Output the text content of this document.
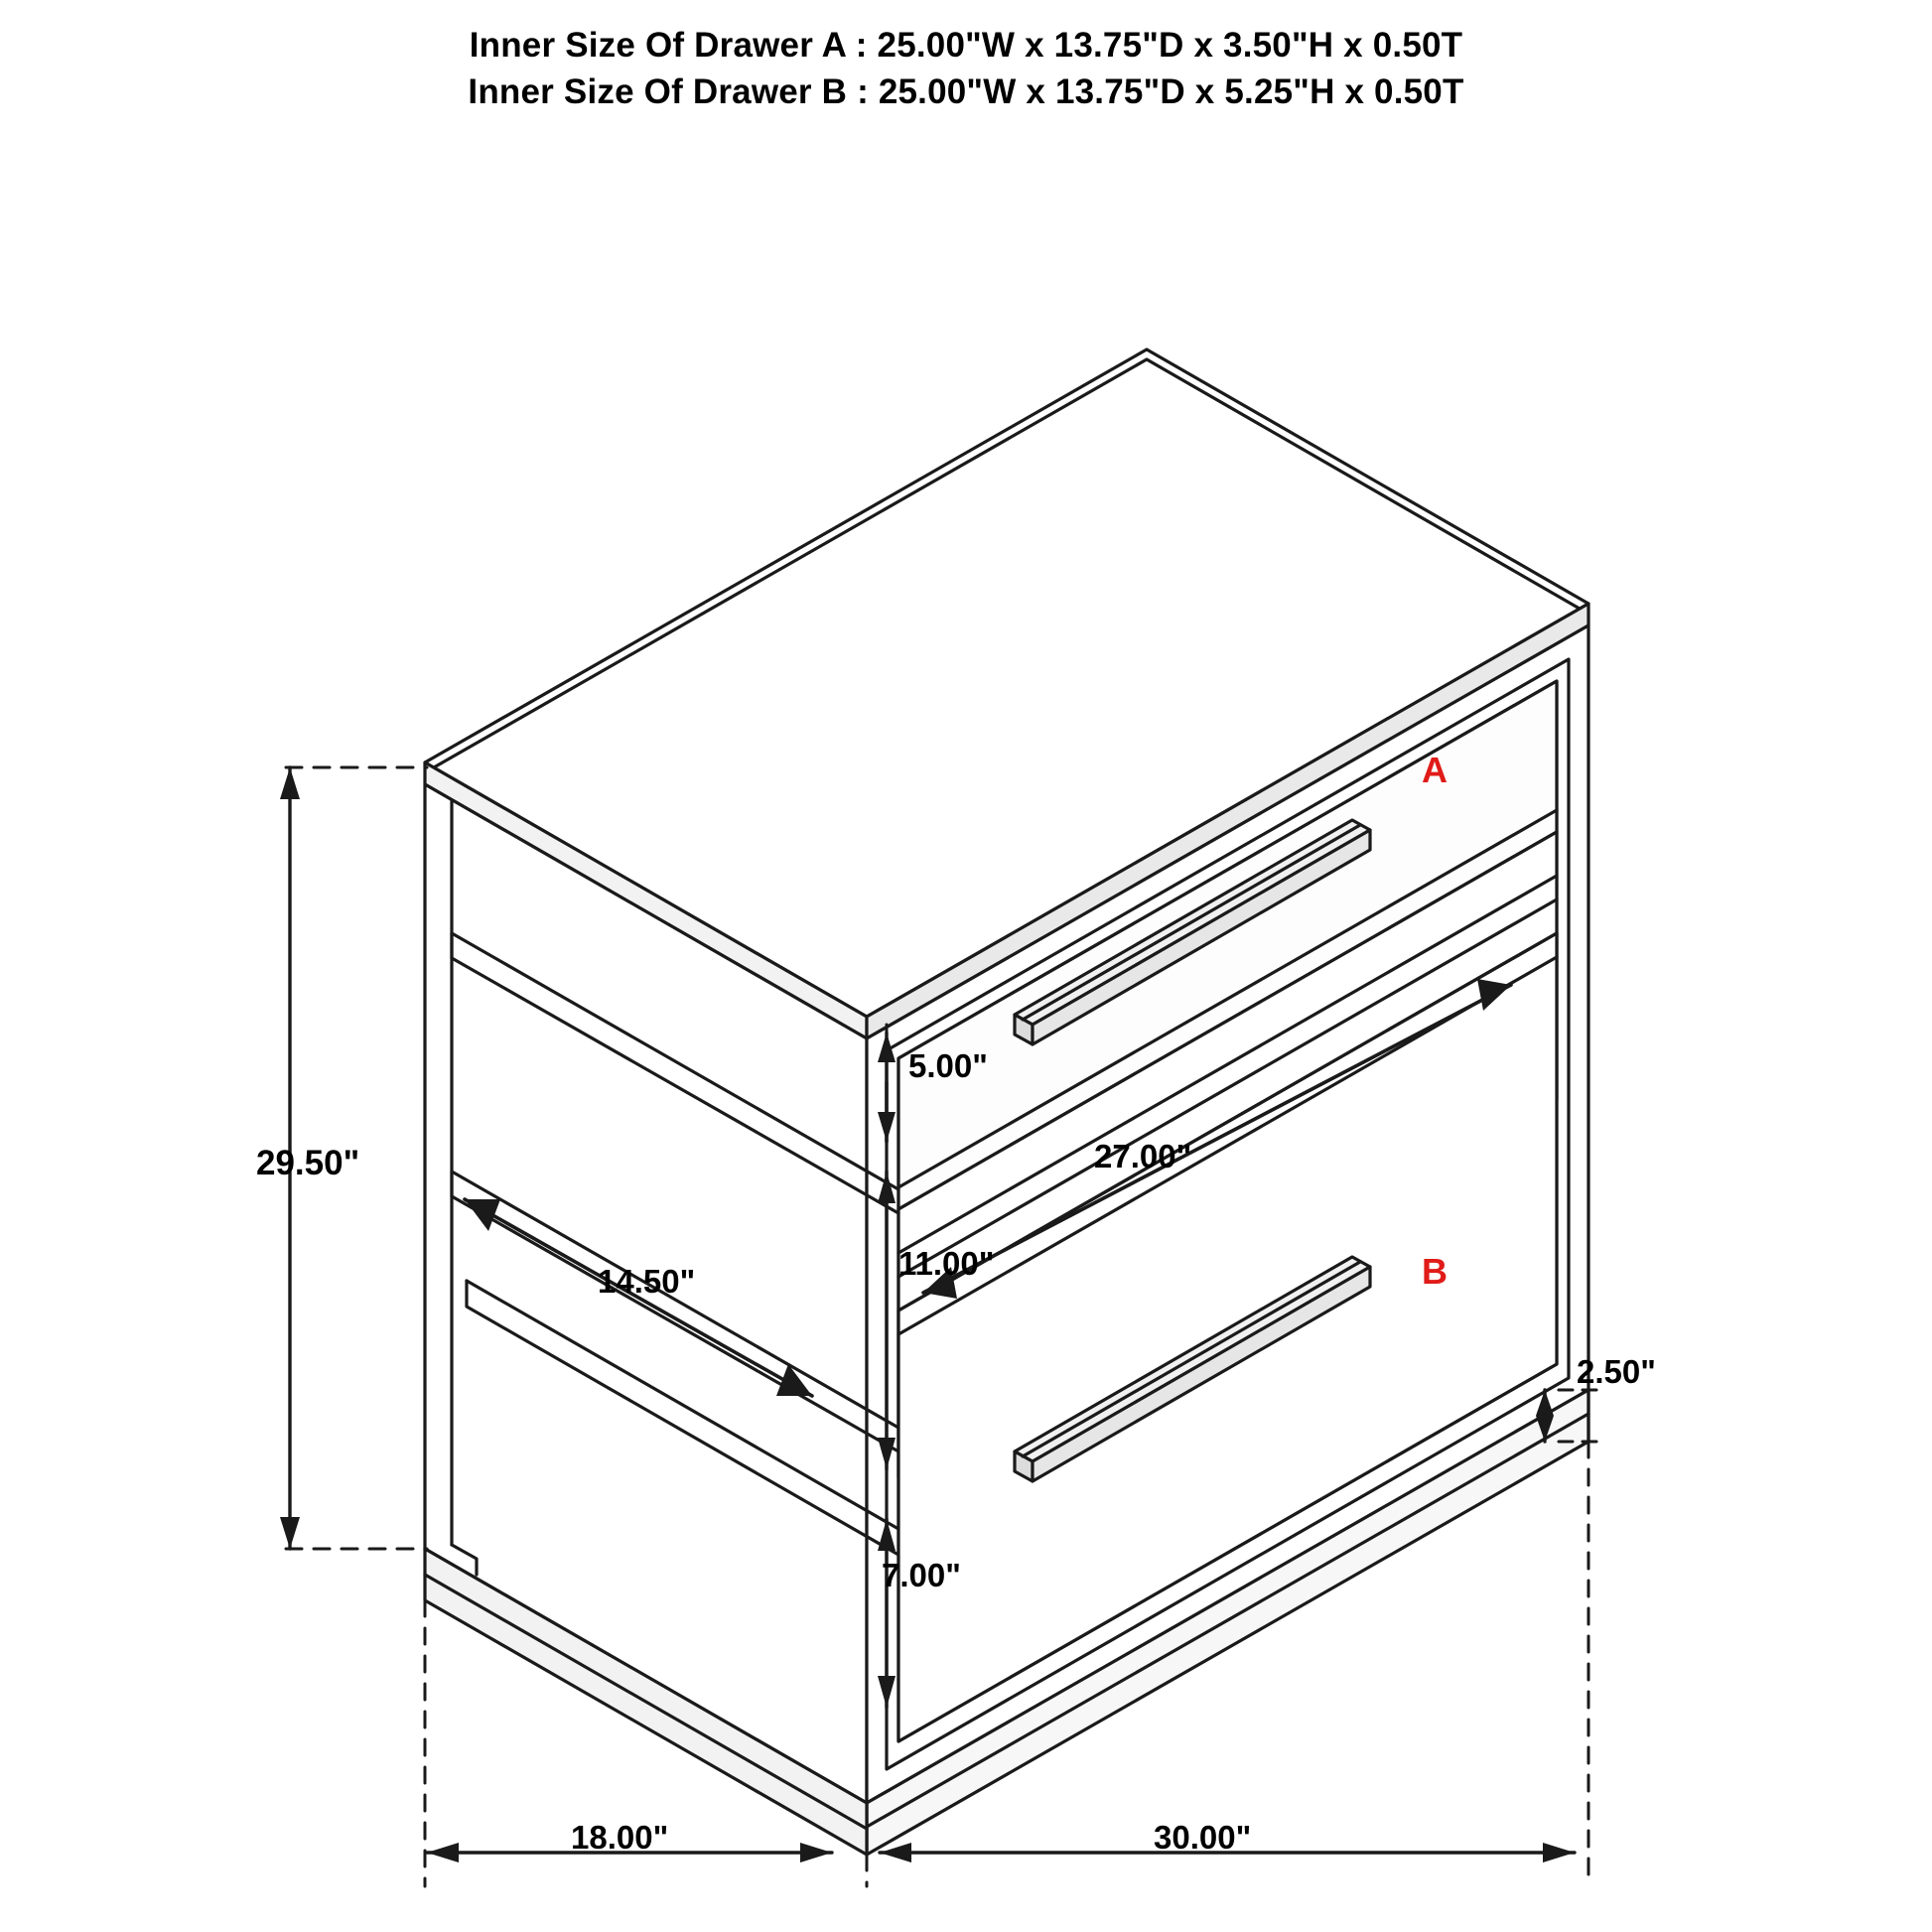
Inner Size Of Drawer A : 25.00"W x 13.75"D x 3.50"H x 0.50T
Inner Size Of Drawer B : 25.00"W x 13.75"D x 5.25"H x 0.50T
A
B
29.50"
5.00"
11.00"
7.00"
2.50"
14.50"
27.00"
18.00"	30.00"
